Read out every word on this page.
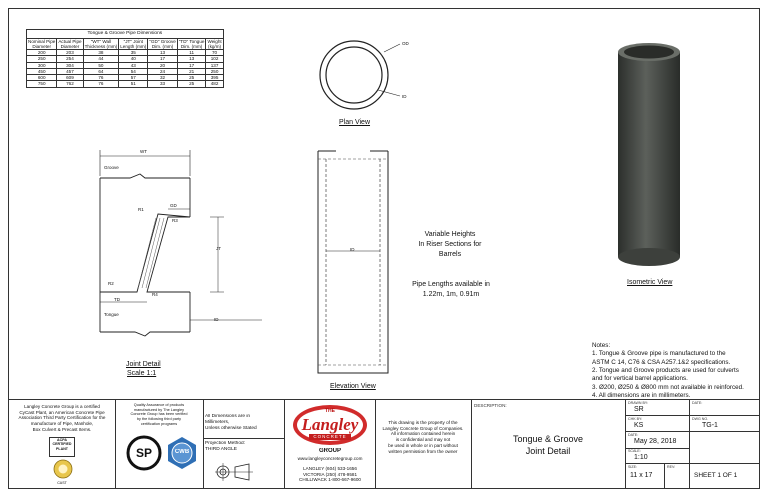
Tongue & Groove Pipe Dimensions
Nominal Pipe
Diameter	Actual Pipe
Diameter	"WT" Wall
Thickness (mm)	"JT" Joint
Length (mm)	"GD" Groove
Dim. (mm)	"TD" Tongue
Dim. (mm)	Weight
(kg/m)
200	203	38	35	13	11	70
250	254	44	40	17	13	102
300	304	50	43	20	17	137
450	457	64	54	24	21	250
600	609	76	57	32	25	395
750	762	76	51	33	25	482
OD
ID
Plan View
WT
Groove
Tongue
R1
R2
R3
R4
GD
JT
TD
ID
Joint Detail
Scale 1:1
ID
Elevation View
Variable Heights
In Riser Sections for
Barrels
Pipe Lengths available in
1.22m, 1m, 0.91m
Isometric View
Notes:
1. Tongue & Groove pipe is manufactured to the
ASTM C 14, C76 & CSA A257.1&2 specifications.
2. Tongue and Groove products are used for culverts
and for vertical barrel applications.
3. Ø200, Ø250 & Ø800 mm not available in reinforced.
4. All dimensions are in millimeters.
Langley Concrete Group is a certified
CyCast Plant, an American Concrete Pipe
Association Third Party Certification for the
manufacture of Pipe, Manhole,
Box Culvert & Precast Items.
ACPA
CERTIFIED
PLANT
CAST
Quality Assurance of products
manufactured by The Langley
Concrete Group has been verified
by the following third party
certification programs
SP	CWB
All Dimensions are in
Millimeters,
Unless otherwise Stated
Projection Method:
THIRD ANGLE
THE
Langley
CONCRETE
GROUP
www.langleyconcretegroup.com
LANGLEY (604) 533-1656
VICTORIA (250) 478-9581
CHILLIWACK 1-800-667-9600
This drawing is the property of the
Langley Concrete Group of Companies.
All information contained herein
is confidential and may not
be used in whole or in part without
written permission from the owner
DESCRIPTION:
Tongue & Groove
Joint Detail
DRAWN BY:
SR
DATE:
CHK BY:
KS
DWG NO.
TG-1
DATE:
May 28, 2018
SCALE:
1:10
SIZE:
11 x 17
REV:
SHEET 1 OF 1
